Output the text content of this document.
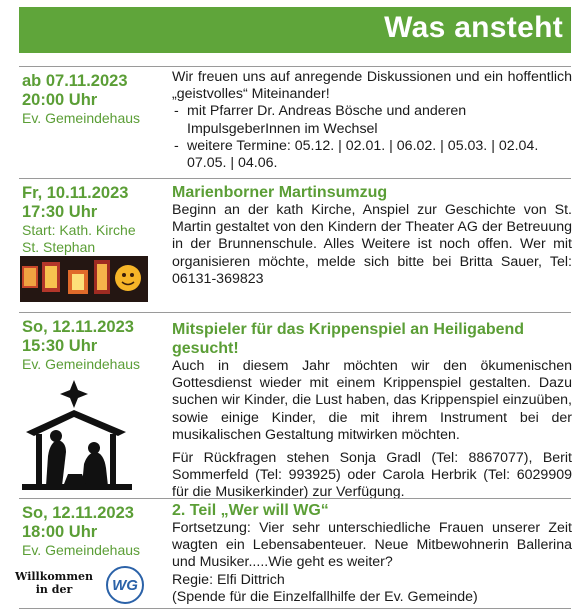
Was ansteht
ab 07.11.2023
20:00 Uhr
Ev. Gemeindehaus
Wir freuen uns auf anregende Diskussionen und ein hoffentlich „geistvolles“ Miteinander!
- mit Pfarrer Dr. Andreas Bösche und anderen ImpulsgeberInnen im Wechsel
- weitere Termine: 05.12. | 02.01. | 06.02. | 05.03. | 02.04. 07.05. | 04.06.
Fr, 10.11.2023
17:30 Uhr
Start: Kath. Kirche
St. Stephan
Marienborner Martinsumzug
Beginn an der kath Kirche, Anspiel zur Geschichte von St. Martin gestaltet von den Kindern der Theater AG der Betreuung in der Brunnenschule. Alles Weitere ist noch offen. Wer mit organisieren möchte, melde sich bitte bei Britta Sauer, Tel: 06131-369823
So, 12.11.2023
15:30 Uhr
Ev. Gemeindehaus
Mitspieler für das Krippenspiel an Heiligabend gesucht!
Auch in diesem Jahr möchten wir den ökumenischen Gottesdienst wieder mit einem Krippenspiel gestalten. Dazu suchen wir Kinder, die Lust haben, das Krippenspiel einzuüben, sowie einige Kinder, die mit ihrem Instrument bei der musikalischen Gestaltung mitwirken möchten.
Für Rückfragen stehen Sonja Gradl (Tel: 8867077), Berit Sommerfeld (Tel: 993925) oder Carola Herbrik (Tel: 6029909 für die Musikerkinder) zur Verfügung.
So, 12.11.2023
18:00 Uhr
Ev. Gemeindehaus
Willkommen
in der	WG
2. Teil „Wer will WG“
Fortsetzung: Vier sehr unterschiedliche Frauen unserer Zeit wagten ein Lebensabenteuer. Neue Mitbewohnerin Ballerina und Musiker.....Wie geht es weiter?
Regie: Elfi Dittrich
(Spende für die Einzelfallhilfe der Ev. Gemeinde)
